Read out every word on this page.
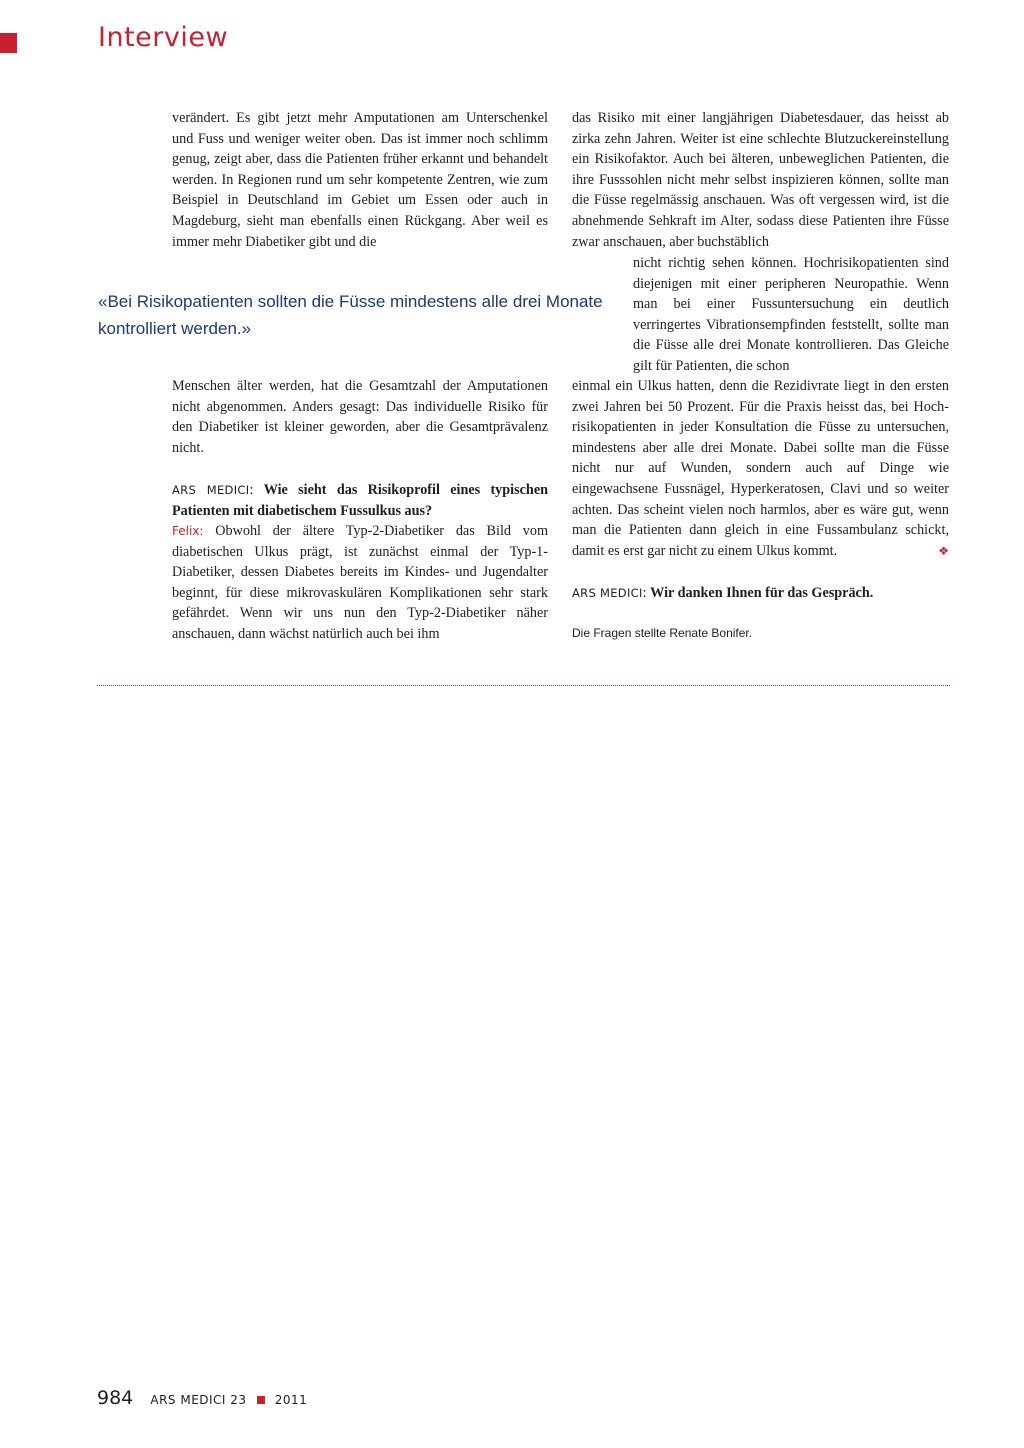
Interview

verändert. Es gibt jetzt mehr Amputationen am Unterschenkel und Fuss und weniger weiter oben. Das ist immer noch schlimm genug, zeigt aber, dass die Patienten früher erkannt und behandelt werden. In Regionen rund um sehr kompetente Zentren, wie zum Beispiel in Deutschland im Gebiet um Essen oder auch in Magdeburg, sieht man ebenfalls einen Rückgang. Aber weil es immer mehr Diabetiker gibt und die

«Bei Risikopatienten sollten die Füsse mindestens alle drei Monate kontrolliert werden.»

Menschen älter werden, hat die Gesamtzahl der Amputationen nicht abgenommen. Anders gesagt: Das individuelle Risiko für den Diabetiker ist kleiner geworden, aber die Gesamtprävalenz nicht.

ARS MEDICI: Wie sieht das Risikoprofil eines typischen Patienten mit diabetischem Fussulkus aus?

Felix: Obwohl der ältere Typ-2-Diabetiker das Bild vom diabetischen Ulkus prägt, ist zunächst einmal der Typ-1-Diabetiker, dessen Diabetes bereits im Kindes- und Jugendalter beginnt, für diese mikrovaskulären Komplikationen sehr stark gefährdet. Wenn wir uns nun den Typ-2-Diabetiker näher anschauen, dann wächst natürlich auch bei ihm

das Risiko mit einer langjährigen Diabetesdauer, das heisst ab zirka zehn Jahren. Weiter ist eine schlechte Blutzuckereinstellung ein Risikofaktor. Auch bei älteren, unbeweglichen Patienten, die ihre Fusssohlen nicht mehr selbst inspizieren können, sollte man die Füsse regelmässig anschauen. Was oft vergessen wird, ist die abnehmende Sehkraft im Alter, sodass diese Patienten ihre Füsse zwar anschauen, aber buchstäblich

nicht richtig sehen können. Hochrisikopatienten sind diejenigen mit einer peripheren Neuropathie. Wenn man bei einer Fussuntersuchung ein deutlich verringertes Vibrationsempfinden feststellt, sollte man die Füsse alle drei Monate kontrollieren. Das Gleiche gilt für Patienten, die schon

einmal ein Ulkus hatten, denn die Rezidivrate liegt in den ersten zwei Jahren bei 50 Prozent. Für die Praxis heisst das, bei Hoch-risikopatienten in jeder Konsultation die Füsse zu untersuchen, mindestens aber alle drei Monate. Dabei sollte man die Füsse nicht nur auf Wunden, sondern auch auf Dinge wie eingewachsene Fussnägel, Hyperkeratosen, Clavi und so weiter achten. Das scheint vielen noch harmlos, aber es wäre gut, wenn man die Patienten dann gleich in eine Fussambulanz schickt, damit es erst gar nicht zu einem Ulkus kommt.	❖

ARS MEDICI: Wir danken Ihnen für das Gespräch.

Die Fragen stellte Renate Bonifer.

984 ARS MEDICI 23 2011
